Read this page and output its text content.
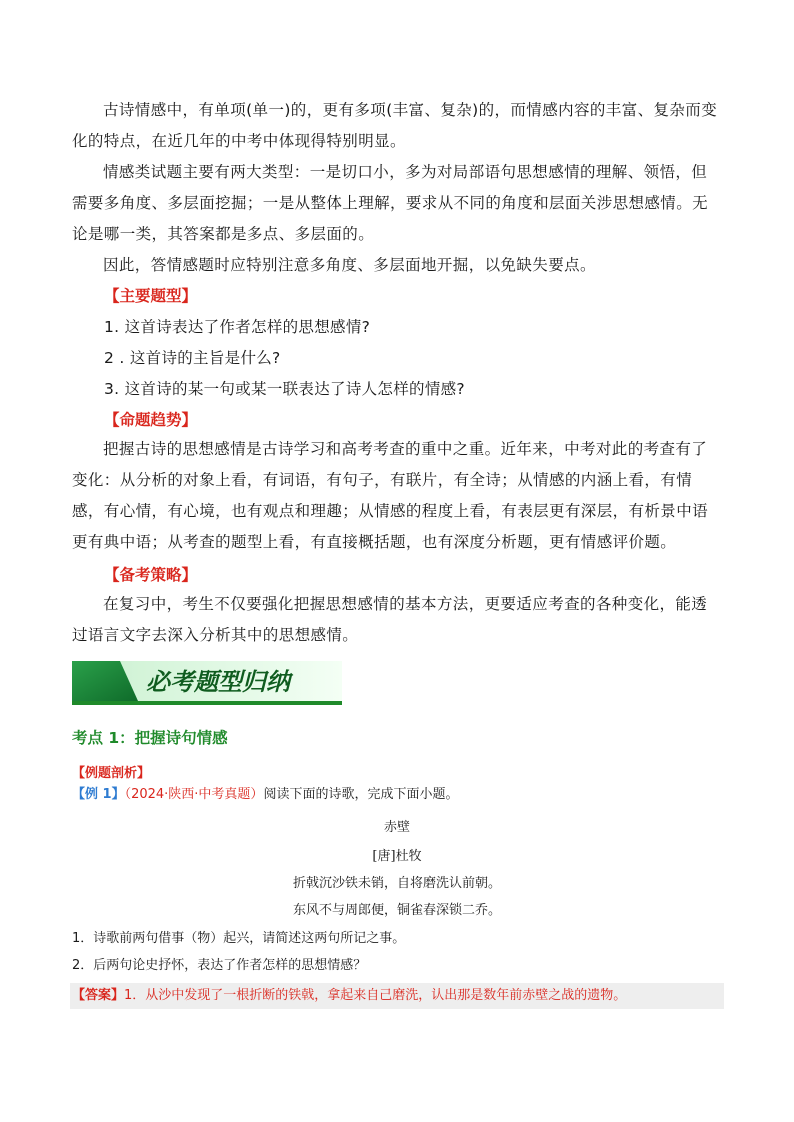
古诗情感中，有单项(单一)的，更有多项(丰富、复杂)的，而情感内容的丰富、复杂而变化的特点，在近几年的中考中体现得特别明显。

情感类试题主要有两大类型：一是切口小，多为对局部语句思想感情的理解、领悟，但需要多角度、多层面挖掘；一是从整体上理解，要求从不同的角度和层面关涉思想感情。无论是哪一类，其答案都是多点、多层面的。

因此，答情感题时应特别注意多角度、多层面地开掘，以免缺失要点。

【主要题型】
1. 这首诗表达了作者怎样的思想感情?
2 . 这首诗的主旨是什么?
3. 这首诗的某一句或某一联表达了诗人怎样的情感?
【命题趋势】

把握古诗的思想感情是古诗学习和高考考查的重中之重。近年来，中考对此的考查有了变化：从分析的对象上看，有词语，有句子，有联片，有全诗；从情感的内涵上看，有情感，有心情，有心境，也有观点和理趣；从情感的程度上看，有表层更有深层，有析景中语更有典中语；从考查的题型上看，有直接概括题，也有深度分析题，更有情感评价题。

【备考策略】

在复习中，考生不仅要强化把握思想感情的基本方法，更要适应考查的各种变化，能透过语言文字去深入分析其中的思想感情。

必考题型归纳
考点 1：把握诗句情感
【例题剖析】
【例 1】（2024·陕西·中考真题）阅读下面的诗歌，完成下面小题。
赤壁
[唐]杜牧
折戟沉沙铁未销，自将磨洗认前朝。
东风不与周郎便，铜雀春深锁二乔。
1．诗歌前两句借事（物）起兴，请简述这两句所记之事。
2．后两句论史抒怀，表达了作者怎样的思想情感？
【答案】1．从沙中发现了一根折断的铁戟，拿起来自己磨洗，认出那是数年前赤壁之战的遗物。
